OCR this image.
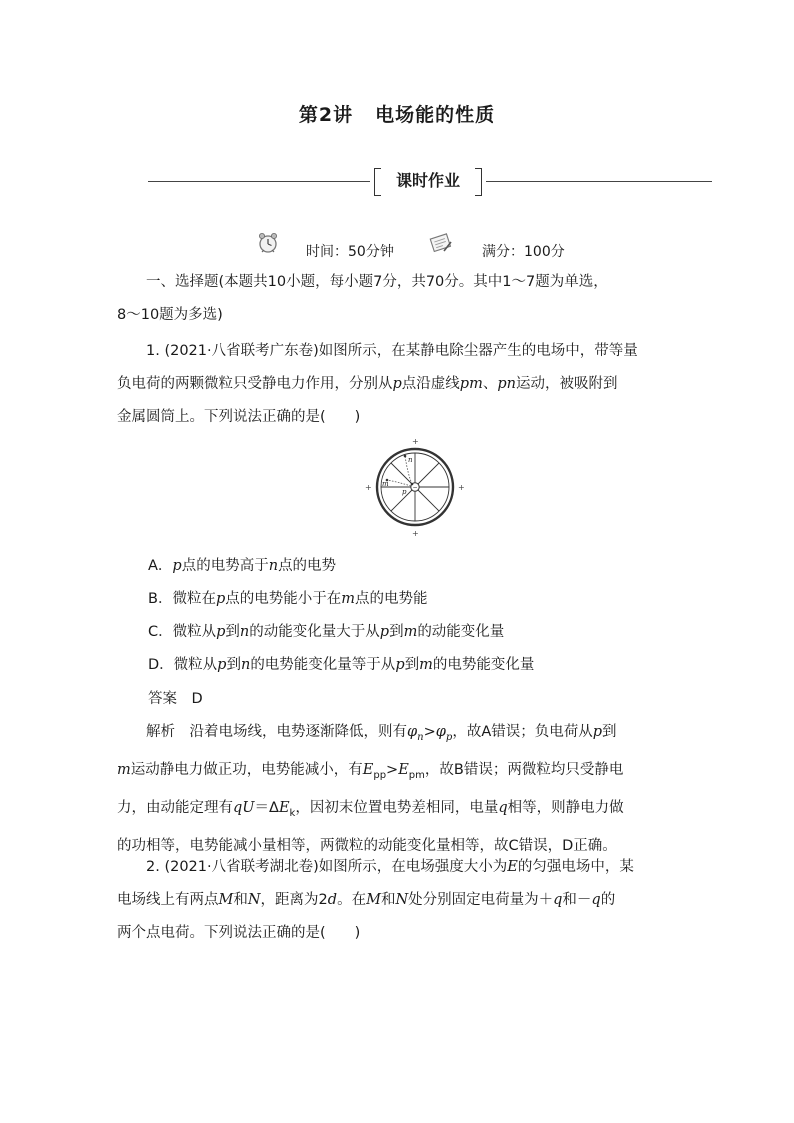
第2讲 电场能的性质
课时作业
时间：50分钟	满分：100分
一、选择题(本题共10小题，每小题7分，共70分。其中1～7题为单选，
8～10题为多选)
1. (2021·八省联考广东卷)如图所示，在某静电除尘器产生的电场中，带等量
负电荷的两颗微粒只受静电力作用，分别从p点沿虚线pm、pn运动，被吸附到
金属圆筒上。下列说法正确的是(　　)
n
m
p −
+
+
+	+
A．p点的电势高于n点的电势
B．微粒在p点的电势能小于在m点的电势能
C．微粒从p到n的动能变化量大于从p到m的动能变化量
D．微粒从p到n的电势能变化量等于从p到m的电势能变化量
答案　 D
解析　 沿着电场线，电势逐渐降低，则有$\varphi_n>\varphi_p$，故A错误；负电荷从p到
m运动静电力做正功，电势能减小，有$E_{pp}>E_{pm}$，故B错误；两微粒均只受静电
力，由动能定理有$qU=\Delta E_k$，因初末位置电势差相同，电量q相等，则静电力做
的功相等，电势能减小量相等，两微粒的动能变化量相等，故C错误，D正确。
2. (2021·八省联考湖北卷)如图所示，在电场强度大小为E的匀强电场中，某
电场线上有两点M和N，距离为2d。在M和N处分别固定电荷量为＋q和－q的
两个点电荷。下列说法正确的是(　　)
